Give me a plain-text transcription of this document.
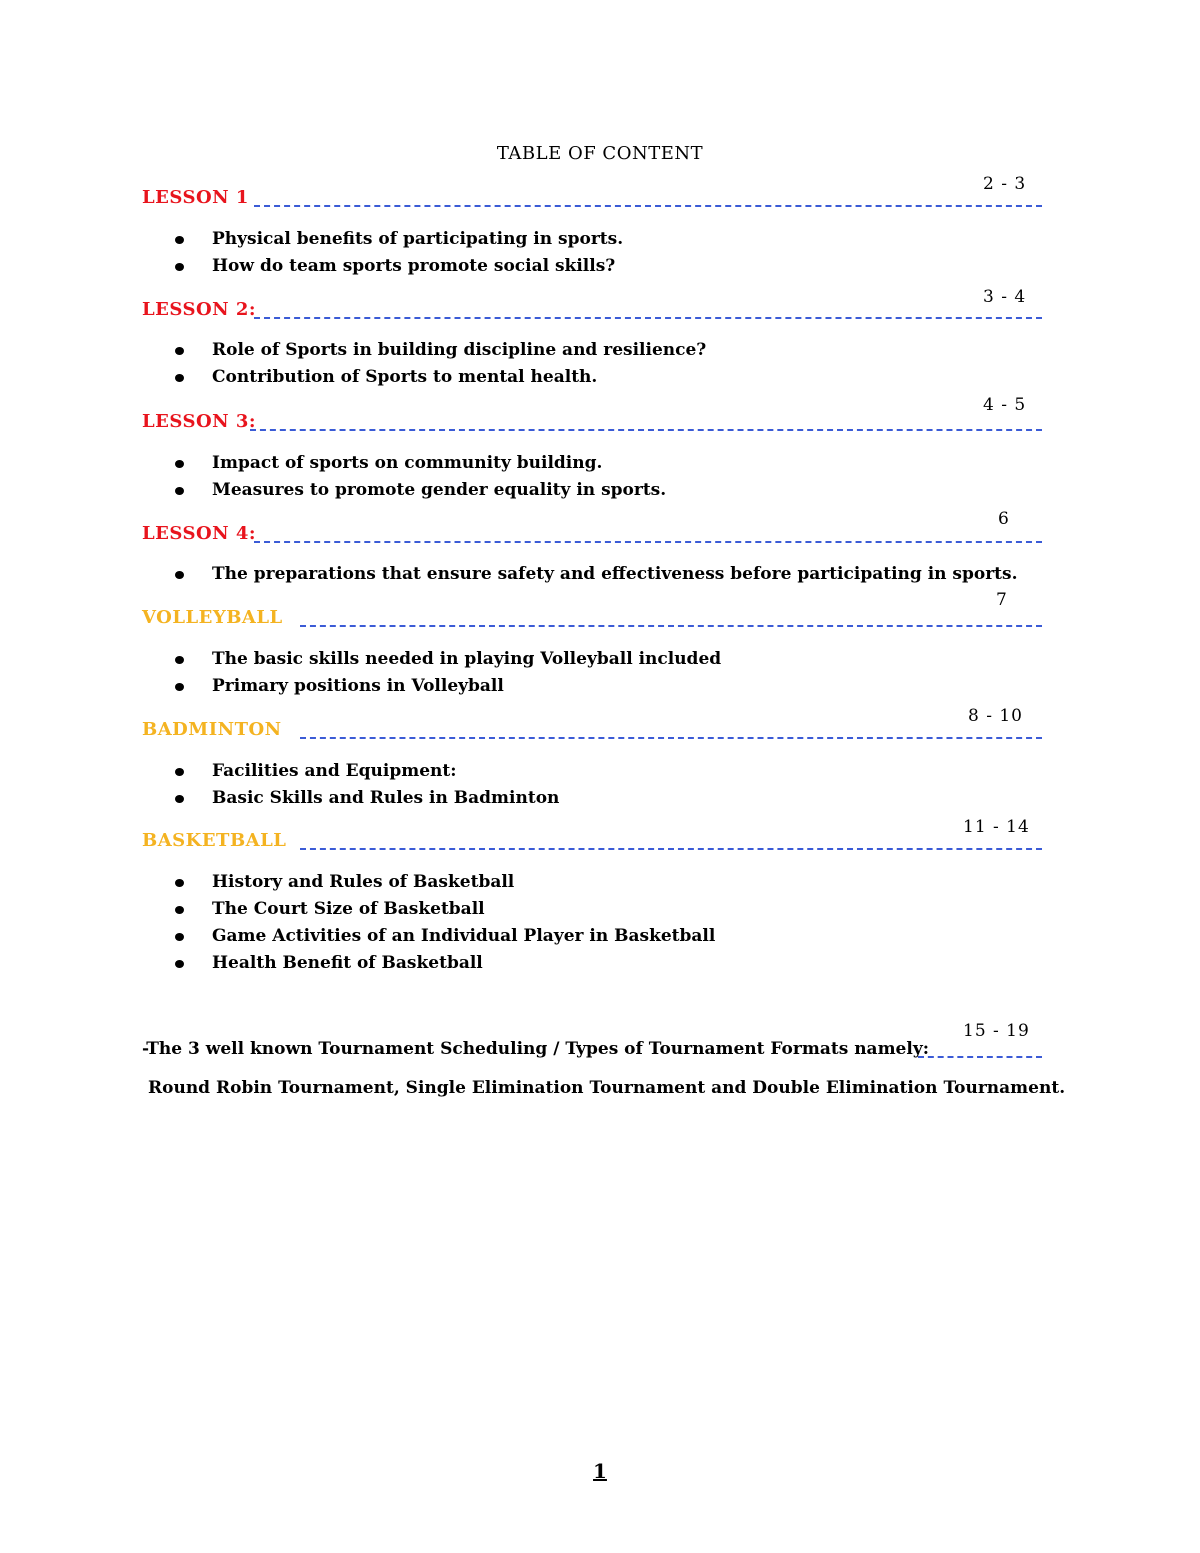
TABLE OF CONTENT
2 - 3
LESSON 1
Physical benefits of participating in sports.
How do team sports promote social skills?
3 - 4
LESSON 2:
Role of Sports in building discipline and resilience?
Contribution of Sports to mental health.
4 - 5
LESSON 3:
Impact of sports on community building.
Measures to promote gender equality in sports.
6
LESSON 4:
The preparations that ensure safety and effectiveness before participating in sports.
7
VOLLEYBALL
The basic skills needed in playing Volleyball included
Primary positions in Volleyball
8 - 10
BADMINTON
Facilities and Equipment:
Basic Skills and Rules in Badminton
11 - 14
BASKETBALL
History and Rules of Basketball
The Court Size of Basketball
Game Activities of an Individual Player in Basketball
Health Benefit of Basketball
15 - 19
-The 3 well known Tournament Scheduling / Types of Tournament Formats namely:
Round Robin Tournament, Single Elimination Tournament and Double Elimination Tournament.
1
